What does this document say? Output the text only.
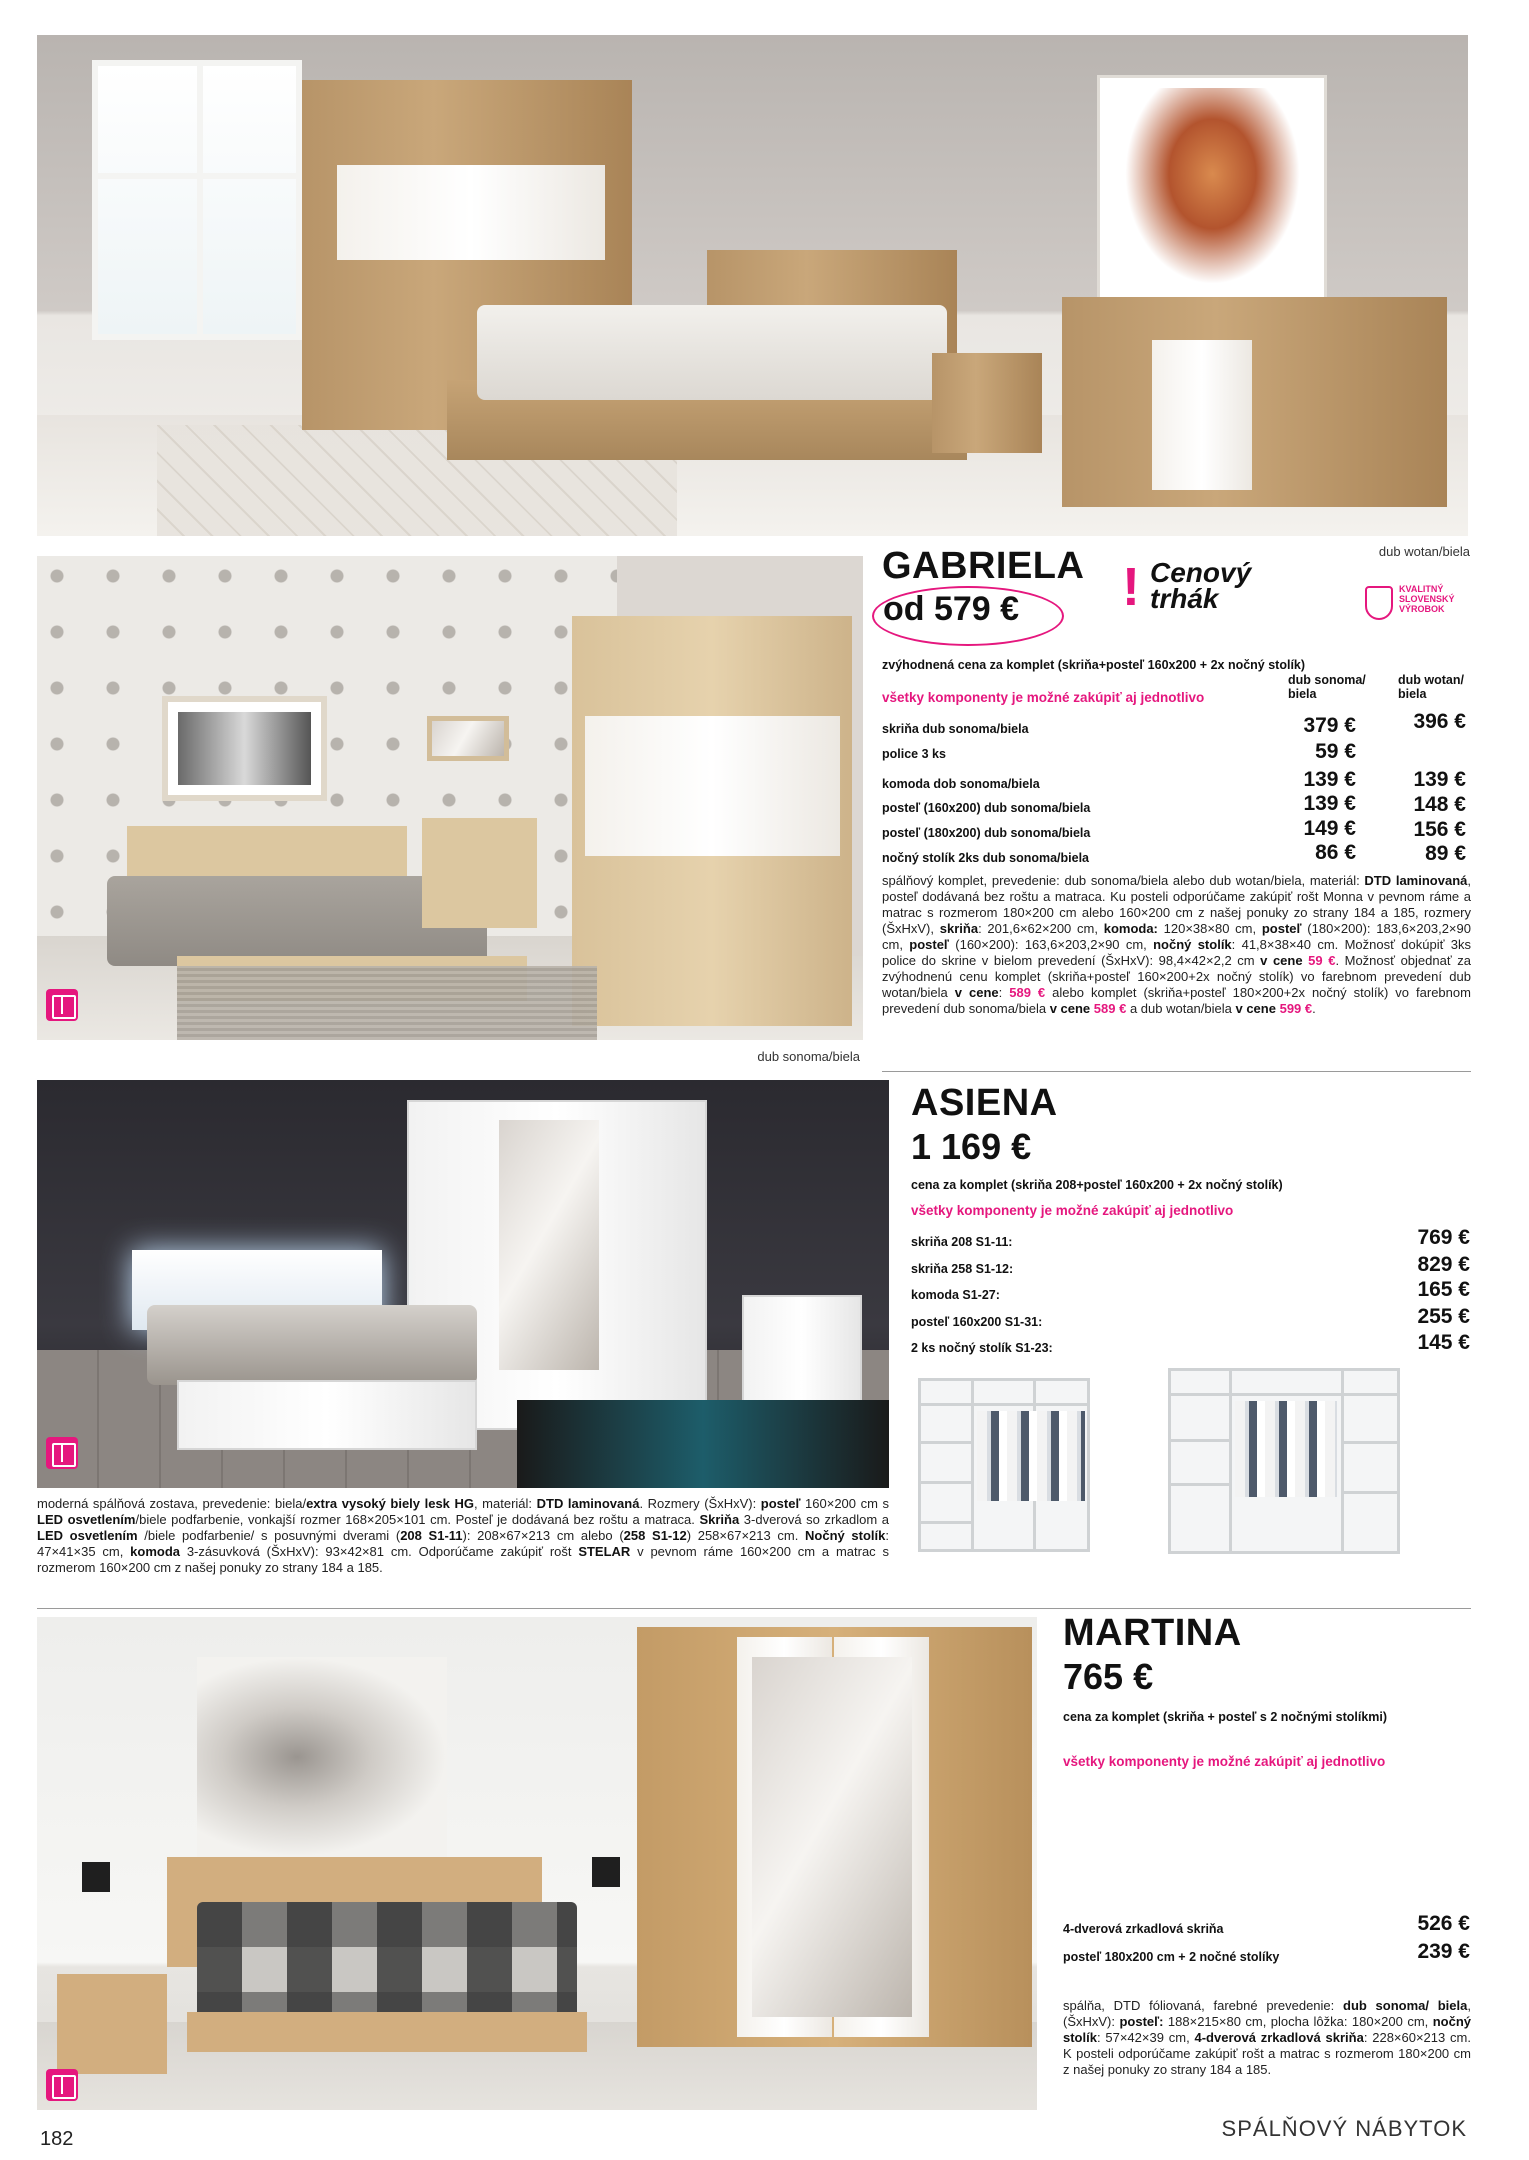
dub wotan/biela
dub sonoma/biela
GABRIELA
od 579 € ! Cenový trhák	KVALITNÝ SLOVENSKÝ VÝROBOK
zvýhodnená cena za komplet (skriňa+posteľ 160x200 + 2x nočný stolík)
dub sonoma/ biela
dub wotan/ biela
všetky komponenty je možné zakúpiť aj jednotlivo
skriňa dub sonoma/biela	379 €	396 €
police 3 ks	59 €
komoda dob sonoma/biela	139 €	139 €
posteľ (160x200) dub sonoma/biela	139 €	148 €
posteľ (180x200) dub sonoma/biela	149 €	156 €
nočný stolík 2ks dub sonoma/biela	86 €	89 €
spálňový komplet, prevedenie: dub sonoma/biela alebo dub wotan/biela, materiál: DTD laminovaná, posteľ dodávaná bez roštu a matraca. Ku posteli odporúčame zakúpiť rošt Monna v pevnom ráme a matrac s rozmerom 180×200 cm alebo 160×200 cm z našej ponuky zo strany 184 a 185, rozmery (ŠxHxV), skriňa: 201,6×62×200 cm, komoda: 120×38×80 cm, posteľ (180×200): 183,6×203,2×90 cm, posteľ (160×200): 163,6×203,2×90 cm, nočný stolík: 41,8×38×40 cm. Možnosť dokúpiť 3ks police do skrine v bielom prevedení (ŠxHxV): 98,4×42×2,2 cm v cene 59 €. Možnosť objednať za zvýhodnenú cenu komplet (skriňa+posteľ 160×200+2x nočný stolík) vo farebnom prevedení dub wotan/biela v cene: 589 € alebo komplet (skriňa+posteľ 180×200+2x nočný stolík) vo farebnom prevedení dub sonoma/biela v cene 589 € a dub wotan/biela v cene 599 €.
moderná spálňová zostava, prevedenie: biela/extra vysoký biely lesk HG, materiál: DTD laminovaná. Rozmery (ŠxHxV): posteľ 160×200 cm s LED osvetlením/biele podfarbenie, vonkajší rozmer 168×205×101 cm. Posteľ je dodávaná bez roštu a matraca. Skriňa 3-dverová so zrkadlom a LED osvetlením /biele podfarbenie/ s posuvnými dverami (208 S1-11): 208×67×213 cm alebo (258 S1-12) 258×67×213 cm. Nočný stolík: 47×41×35 cm, komoda 3-zásuvková (ŠxHxV): 93×42×81 cm. Odporúčame zakúpiť rošt STELAR v pevnom ráme 160×200 cm a matrac s rozmerom 160×200 cm z našej ponuky zo strany 184 a 185.
ASIENA
1 169 €
cena za komplet (skriňa 208+posteľ 160x200 + 2x nočný stolík)
všetky komponenty je možné zakúpiť aj jednotlivo
skriňa 208 S1-11:	769 €
skriňa 258 S1-12:	829 €
komoda S1-27:	165 €
posteľ 160x200 S1-31:	255 €
2 ks nočný stolík S1-23:	145 €
MARTINA
765 €
cena za komplet (skriňa + posteľ s 2 nočnými stolíkmi)
všetky komponenty je možné zakúpiť aj jednotlivo
4-dverová zrkadlová skriňa	526 €
posteľ 180x200 cm + 2 nočné stolíky	239 €
spálňa, DTD fóliovaná, farebné prevedenie: dub sonoma/ biela, (ŠxHxV): posteľ: 188×215×80 cm, plocha lôžka: 180×200 cm, nočný stolík: 57×42×39 cm, 4-dverová zrkadlová skriňa: 228×60×213 cm. K posteli odporúčame zakúpiť rošt a matrac s rozmerom 180×200 cm z našej ponuky zo strany 184 a 185.
182	SPÁLŇOVÝ NÁBYTOK
